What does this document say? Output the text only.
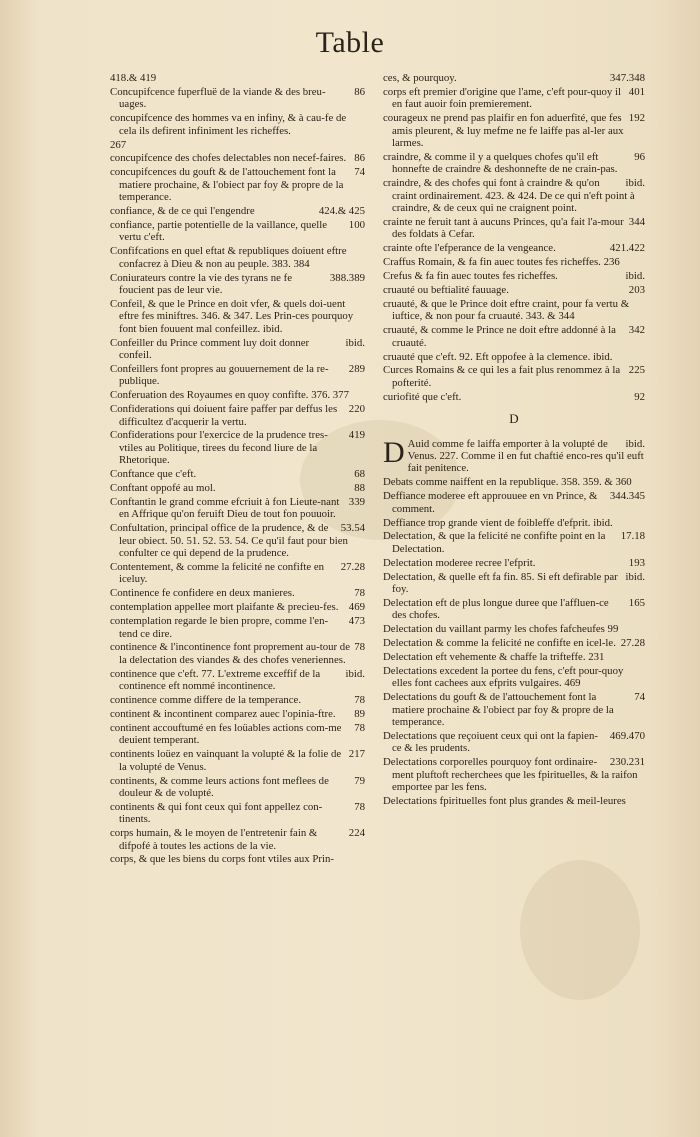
Table
418.& 419
86
Concupifcence fuperfluë de la viande & des breu-uages.
concupifcence des hommes va en infiny, & à cau-fe de cela ils defirent infiniment les richeffes.
267
86
concupifcence des chofes delectables non necef-faires.
74
concupifcences du gouft & de l'attouchement font la matiere prochaine, & l'obiect par foy & propre de la temperance.
424.& 425
confiance, & de ce qui l'engendre
100
confiance, partie potentielle de la vaillance, quelle vertu c'eft.
Confifcations en quel eftat & republiques doiuent eftre confacrez à Dieu & non au peuple. 383. 384
388.389
Coniurateurs contre la vie des tyrans ne fe foucient pas de leur vie.
Confeil, & que le Prince en doit vfer, & quels doi-uent eftre fes miniftres. 346. & 347. Les Prin-ces pourquoy font bien fouuent mal confeillez. ibid.
ibid.
Confeiller du Prince comment luy doit donner confeil.
289
Confeillers font propres au gouuernement de la re-publique.
Conferuation des Royaumes en quoy confifte. 376. 377
220
Confiderations qui doiuent faire paffer par deffus les difficultez d'acquerir la vertu.
419
Confiderations pour l'exercice de la prudence tres-vtiles au Politique, tirees du fecond liure de la Rhetorique.
68
Conftance que c'eft.
88
Conftant oppofé au mol.
339
Conftantin le grand comme efcriuit à fon Lieute-nant en Affrique qu'on feruift Dieu de tout fon pouuoir.
53.54
Confultation, principal office de la prudence, & de leur obiect. 50. 51. 52. 53. 54. Ce qu'il faut pour bien confulter ce qui depend de la prudence.
27.28
Contentement, & comme la felicité ne confifte en iceluy.
78
Continence fe confidere en deux manieres.
469
contemplation appellee mort plaifante & precieu-fes.
473
contemplation regarde le bien propre, comme l'en-tend ce dire.
78
continence & l'incontinence font proprement au-tour de la delectation des viandes & des chofes veneriennes.
ibid.
continence que c'eft. 77. L'extreme exceffif de la continence eft nommé incontinence.
78
continence comme differe de la temperance.
89
continent & incontinent comparez auec l'opinia-ftre.
78
continent accouftumé en fes loüables actions com-me deuient temperant.
217
continents loüez en vainquant la volupté & la folie de la volupté de Venus.
79
continents, & comme leurs actions font meflees de douleur & de volupté.
78
continents & qui font ceux qui font appellez con-tinents.
224
corps humain, & le moyen de l'entretenir fain & difpofé à toutes les actions de la vie.
corps, & que les biens du corps font vtiles aux Prin-
347.348
ces, & pourquoy.
401
corps eft premier d'origine que l'ame, c'eft pour-quoy il en faut auoir foin premierement.
192
courageux ne prend pas plaifir en fon aduerfité, que fes amis pleurent, & luy mefme ne fe laiffe pas al-ler aux larmes.
96
craindre, & comme il y a quelques chofes qu'il eft honnefte de craindre & deshonnefte de ne crain-pas.
ibid.
craindre, & des chofes qui font à craindre & qu'on craint ordinairement. 423. & 424. De ce qui n'eft point à craindre, & de ceux qui ne craignent point.
344
crainte ne feruit tant à aucuns Princes, qu'a fait l'a-mour des foldats à Cefar.
421.422
crainte ofte l'efperance de la vengeance.
Craffus Romain, & fa fin auec toutes fes richeffes. 236
ibid.
Crefus & fa fin auec toutes fes richeffes.
203
cruauté ou beftialité fauuage.
cruauté, & que le Prince doit eftre craint, pour fa vertu & iuftice, & non pour fa cruauté. 343. & 344
342
cruauté, & comme le Prince ne doit eftre addonné à la cruauté.
cruauté que c'eft. 92. Eft oppofee à la clemence. ibid.
225
Curces Romains & ce qui les a fait plus renommez à la pofterité.
92
curiofité que c'eft.
D
D	ibid.
Auid comme fe laiffa emporter à la volupté de Venus. 227. Comme il en fut chaftié enco-res qu'il euft fait penitence.
Debats comme naiffent en la republique. 358. 359. & 360
344.345
Deffiance moderee eft approuuee en vn Prince, & comment.
Deffiance trop grande vient de foibleffe d'efprit. ibid.
17.18
Delectation, & que la felicité ne confifte point en la Delectation.
193
Delectation moderee recree l'efprit.
ibid.
Delectation, & quelle eft fa fin. 85. Si eft defirable par foy.
165
Delectation eft de plus longue duree que l'affluen-ce des chofes.
Delectation du vaillant parmy les chofes fafcheufes 99
27.28
Delectation & comme la felicité ne confifte en icel-le.
Delectation eft vehemente & chaffe la trifteffe. 231
Delectations excedent la portee du fens, c'eft pour-quoy elles font cachees aux efprits vulgaires. 469
74
Delectations du gouft & de l'attouchement font la matiere prochaine & l'obiect par foy & propre de la temperance.
469.470
Delectations que reçoiuent ceux qui ont la fapien-ce & les prudents.
230.231
Delectations corporelles pourquoy font ordinaire-ment pluftoft recherchees que les fpirituelles, & la raifon emportee par les fens.
Delectations fpirituelles font plus grandes & meil-leures
